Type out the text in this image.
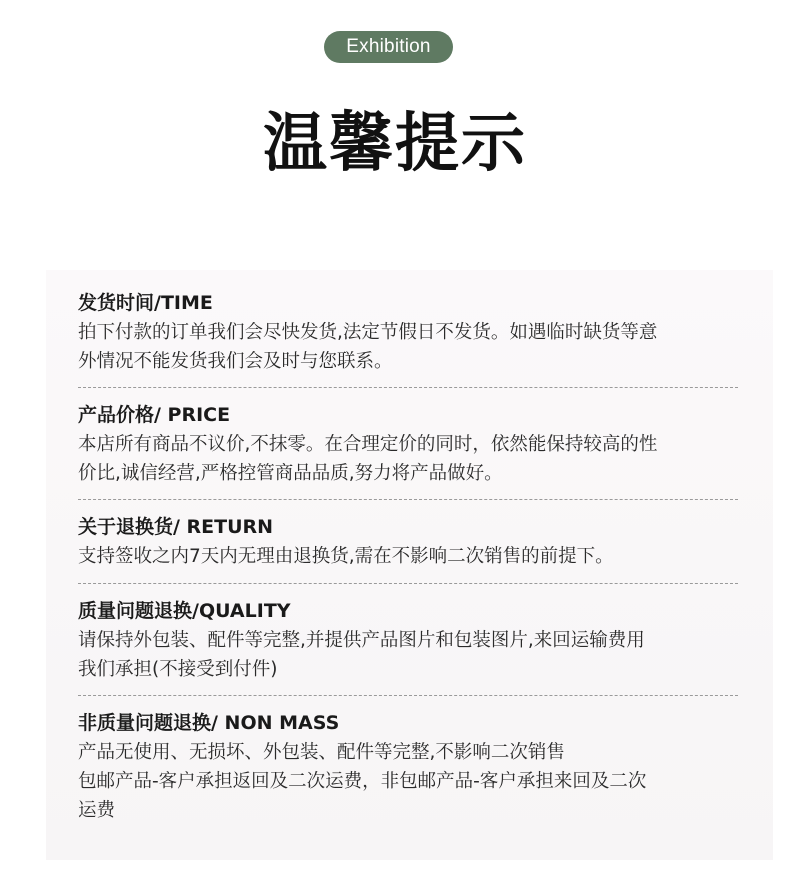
Exhibition
温馨提示

发货时间/TIME

拍下付款的订单我们会尽快发货,法定节假日不发货。如遇临时缺货等意

外情况不能发货我们会及时与您联系。

产品价格/ PRICE

本店所有商品不议价,不抹零。在合理定价的同时，依然能保持较高的性

价比,诚信经营,严格控管商品品质,努力将产品做好。

关于退换货/ RETURN

支持签收之内7天内无理由退换货,需在不影响二次销售的前提下。

质量问题退换/QUALITY

请保持外包装、配件等完整,并提供产品图片和包装图片,来回运输费用

我们承担(不接受到付件)

非质量问题退换/ NON MASS

产品无使用、无损坏、外包装、配件等完整,不影响二次销售

包邮产品-客户承担返回及二次运费，非包邮产品-客户承担来回及二次

运费
